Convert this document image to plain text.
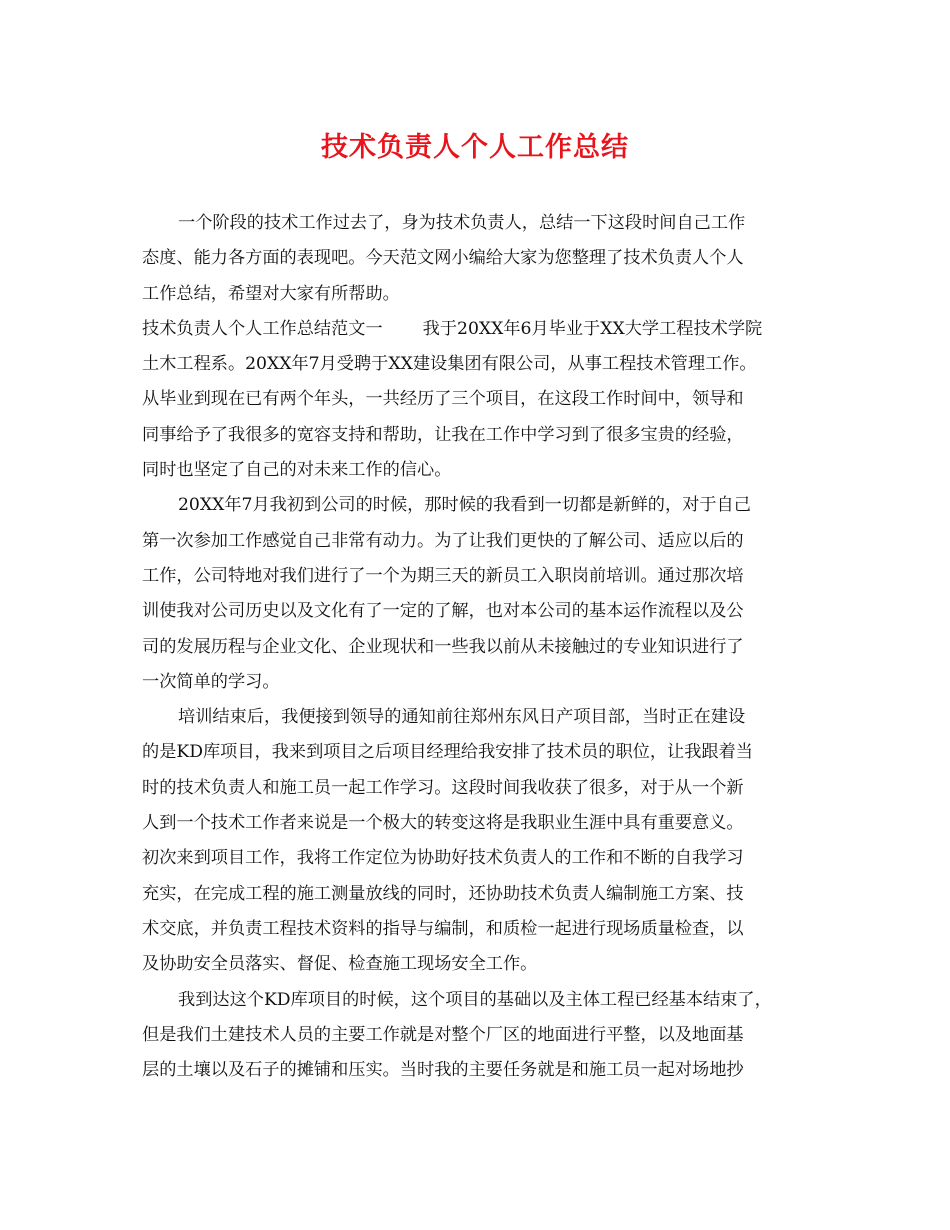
技术负责人个人工作总结
一个阶段的技术工作过去了，身为技术负责人，总结一下这段时间自己工作
态度、能力各方面的表现吧。今天范文网小编给大家为您整理了技术负责人个人
工作总结，希望对大家有所帮助。
技术负责人个人工作总结范文一 我于20XX年6月毕业于XX大学工程技术学院
土木工程系。20XX年7月受聘于XX建设集团有限公司，从事工程技术管理工作。
从毕业到现在已有两个年头，一共经历了三个项目，在这段工作时间中，领导和
同事给予了我很多的宽容支持和帮助，让我在工作中学习到了很多宝贵的经验，
同时也坚定了自己的对未来工作的信心。
20XX年7月我初到公司的时候，那时候的我看到一切都是新鲜的，对于自己
第一次参加工作感觉自己非常有动力。为了让我们更快的了解公司、适应以后的
工作，公司特地对我们进行了一个为期三天的新员工入职岗前培训。通过那次培
训使我对公司历史以及文化有了一定的了解，也对本公司的基本运作流程以及公
司的发展历程与企业文化、企业现状和一些我以前从未接触过的专业知识进行了
一次简单的学习。
培训结束后，我便接到领导的通知前往郑州东风日产项目部，当时正在建设
的是KD库项目，我来到项目之后项目经理给我安排了技术员的职位，让我跟着当
时的技术负责人和施工员一起工作学习。这段时间我收获了很多，对于从一个新
人到一个技术工作者来说是一个极大的转变这将是我职业生涯中具有重要意义。
初次来到项目工作，我将工作定位为协助好技术负责人的工作和不断的自我学习
充实，在完成工程的施工测量放线的同时，还协助技术负责人编制施工方案、技
术交底，并负责工程技术资料的指导与编制，和质检一起进行现场质量检查，以
及协助安全员落实、督促、检查施工现场安全工作。
我到达这个KD库项目的时候，这个项目的基础以及主体工程已经基本结束了，
但是我们土建技术人员的主要工作就是对整个厂区的地面进行平整，以及地面基
层的土壤以及石子的摊铺和压实。当时我的主要任务就是和施工员一起对场地抄
